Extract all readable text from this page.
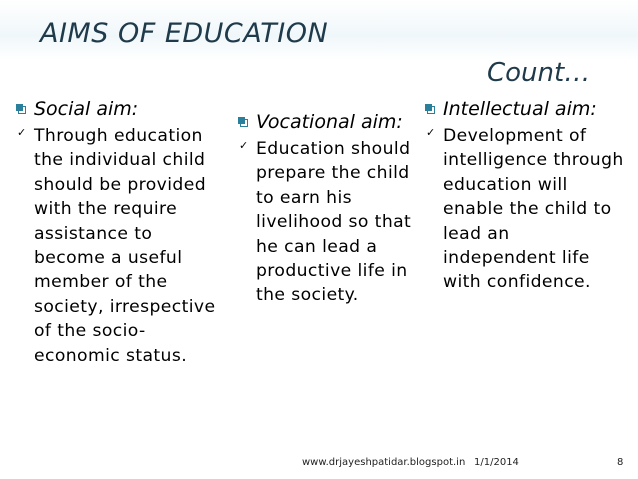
AIMS OF EDUCATION
Count…
Social aim:
✓ Through education the individual child should be provided with the require assistance to become a useful member of the society, irrespective of the socio-economic status.
Vocational aim:
✓ Education should prepare the child to earn his livelihood so that he can lead a productive life in the society.
Intellectual aim:
✓ Development of intelligence through education will enable the child to lead an independent life with confidence.
www.drjayeshpatidar.blogspot.in 1/1/2014	8
